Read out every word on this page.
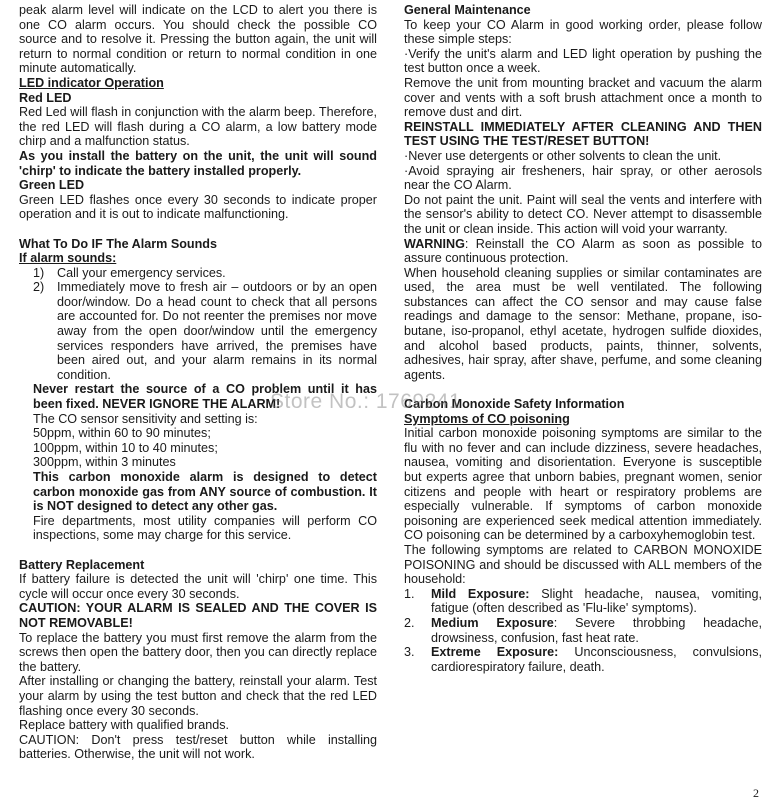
peak alarm level will indicate on the LCD to alert you there is one CO alarm occurs. You should check the possible CO source and to resolve it. Pressing the button again, the unit will return to normal condition or return to normal condition in one minute automatically.

LED indicator Operation

Red LED

Red Led will flash in conjunction with the alarm beep. Therefore, the red LED will flash during a CO alarm, a low battery mode chirp and a malfunction status.

As you install the battery on the unit, the unit will sound 'chirp' to indicate the battery installed properly.

Green LED

Green LED flashes once every 30 seconds to indicate proper operation and it is out to indicate malfunctioning.

What To Do IF The Alarm Sounds

If alarm sounds:

1)	Call your emergency services.
2)	Immediately move to fresh air – outdoors or by an open door/window. Do a head count to check that all persons are accounted for. Do not reenter the premises nor move away from the open door/window until the emergency services responders have arrived, the premises have been aired out, and your alarm remains in its normal condition.

Never restart the source of a CO problem until it has been fixed. NEVER IGNORE THE ALARM!

The CO sensor sensitivity and setting is:

50ppm, within 60 to 90 minutes;

100ppm, within 10 to 40 minutes;

300ppm, within 3 minutes

This carbon monoxide alarm is designed to detect carbon monoxide gas from ANY source of combustion. It is NOT designed to detect any other gas.

Fire departments, most utility companies will perform CO inspections, some may charge for this service.

Battery Replacement

If battery failure is detected the unit will 'chirp' one time. This cycle will occur once every 30 seconds.

CAUTION: YOUR ALARM IS SEALED AND THE COVER IS NOT REMOVABLE!

To replace the battery you must first remove the alarm from the screws then open the battery door, then you can directly replace the battery.

After installing or changing the battery, reinstall your alarm. Test your alarm by using the test button and check that the red LED flashing once every 30 seconds.

Replace battery with qualified brands.

CAUTION: Don't press test/reset button while installing batteries. Otherwise, the unit will not work.

General Maintenance

To keep your CO Alarm in good working order, please follow these simple steps:

·Verify the unit's alarm and LED light operation by pushing the test button once a week.

Remove the unit from mounting bracket and vacuum the alarm cover and vents with a soft brush attachment once a month to remove dust and dirt.

REINSTALL IMMEDIATELY AFTER CLEANING AND THEN TEST USING THE TEST/RESET BUTTON!

·Never use detergents or other solvents to clean the unit.

·Avoid spraying air fresheners, hair spray, or other aerosols near the CO Alarm.

Do not paint the unit. Paint will seal the vents and interfere with the sensor's ability to detect CO. Never attempt to disassemble the unit or clean inside. This action will void your warranty.

WARNING: Reinstall the CO Alarm as soon as possible to assure continuous protection.

When household cleaning supplies or similar contaminates are used, the area must be well ventilated. The following substances can affect the CO sensor and may cause false readings and damage to the sensor: Methane, propane, iso-butane, iso-propanol, ethyl acetate, hydrogen sulfide dioxides, and alcohol based products, paints, thinner, solvents, adhesives, hair spray, after shave, perfume, and some cleaning agents.

Carbon Monoxide Safety Information

Symptoms of CO poisoning

Initial carbon monoxide poisoning symptoms are similar to the flu with no fever and can include dizziness, severe headaches, nausea, vomiting and disorientation. Everyone is susceptible but experts agree that unborn babies, pregnant women, senior citizens and people with heart or respiratory problems are especially vulnerable. If symptoms of carbon monoxide poisoning are experienced seek medical attention immediately. CO poisoning can be determined by a carboxyhemoglobin test.

The following symptoms are related to CARBON MONOXIDE POISONING and should be discussed with ALL members of the household:

1.	Mild Exposure: Slight headache, nausea, vomiting, fatigue (often described as 'Flu-like' symptoms).
2.	Medium Exposure: Severe throbbing headache, drowsiness, confusion, fast heat rate.
3.	Extreme Exposure: Unconsciousness, convulsions, cardiorespiratory failure, death.
Store No.: 1769241
2
